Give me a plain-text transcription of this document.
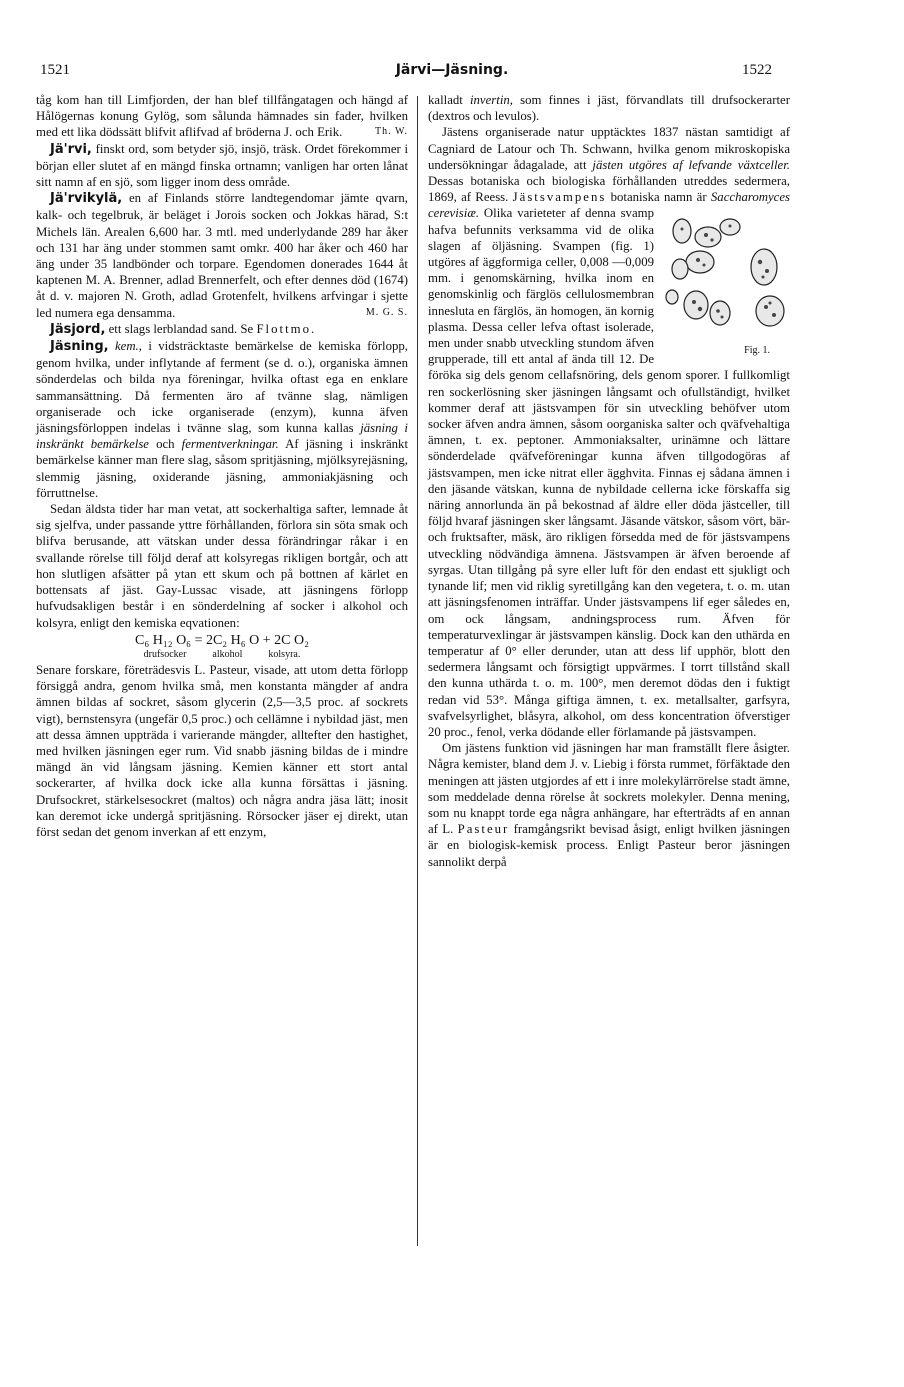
1521	Järvi—Jäsning.	1522

tåg kom han till Limfjorden, der han blef tillfångatagen och hängd af Hålögernas konung Gylög, som sålunda hämnades sin fader, hvilken med ett lika dödssätt blifvit aflifvad af bröderna J. och Erik.	Th. W.

Jä'rvi, finskt ord, som betyder sjö, insjö, träsk. Ordet förekommer i början eller slutet af en mängd finska ortnamn; vanligen har orten lånat sitt namn af en sjö, som ligger inom dess område.

Jä'rvikylä, en af Finlands större landtegendomar jämte qvarn, kalk- och tegelbruk, är beläget i Jorois socken och Jokkas härad, S:t Michels län. Arealen 6,600 har. 3 mtl. med underlydande 289 har åker och 131 har äng under stommen samt omkr. 400 har åker och 460 har äng under 35 landbönder och torpare. Egendomen donerades 1644 åt kaptenen M. A. Brenner, adlad Brennerfelt, och efter dennes död (1674) åt d. v. majoren N. Groth, adlad Grotenfelt, hvilkens arfvingar i sjette led numera ega densamma.	M. G. S.

Jäsjord, ett slags lerblandad sand. Se Flottmo.

Jäsning, kem., i vidsträcktaste bemärkelse de kemiska förlopp, genom hvilka, under inflytande af ferment (se d. o.), organiska ämnen sönderdelas och bilda nya föreningar, hvilka oftast ega en enklare sammansättning. Då fermenten äro af tvänne slag, nämligen organiserade och icke organiserade (enzym), kunna äfven jäsningsförloppen indelas i tvänne slag, som kunna kallas jäsning i inskränkt bemärkelse och fermentverkningar. Af jäsning i inskränkt bemärkelse känner man flere slag, såsom spritjäsning, mjölksyrejäsning, slemmig jäsning, oxiderande jäsning, ammoniakjäsning och förruttnelse.

Sedan äldsta tider har man vetat, att sockerhaltiga safter, lemnade åt sig sjelfva, under passande yttre förhållanden, förlora sin söta smak och blifva berusande, att vätskan under dessa förändringar råkar i en svallande rörelse till följd deraf att kolsyregas rikligen bortgår, och att hon slutligen afsätter på ytan ett skum och på bottnen af kärlet en bottensats af jäst. Gay-Lussac visade, att jäsningens förlopp hufvudsakligen består i en sönderdelning af socker i alkohol och kolsyra, enligt den kemiska eqvationen:

C₆ H₁₂ O₆ = 2C₂ H₆ O + 2C O₂

drufsocker	alkohol	kolsyra.

Senare forskare, företrädesvis L. Pasteur, visade, att utom detta förlopp försiggå andra, genom hvilka små, men konstanta mängder af andra ämnen bildas af sockret, såsom glycerin (2,5—3,5 proc. af sockrets vigt), bernstensyra (ungefär 0,5 proc.) och cellämne i nybildad jäst, men att dessa ämnen uppträda i varierande mängder, alltefter den hastighet, med hvilken jäsningen eger rum. Vid snabb jäsning bildas de i mindre mängd än vid långsam jäsning. Kemien känner ett stort antal sockerarter, af hvilka dock icke alla kunna försättas i jäsning. Drufsockret, stärkelsesockret (maltos) och några andra jäsa lätt; inosit kan deremot icke undergå spritjäsning. Rörsocker jäser ej direkt, utan först sedan det genom inverkan af ett enzym,

kalladt invertin, som finnes i jäst, förvandlats till drufsockerarter (dextros och levulos).

Jästens organiserade natur upptäcktes 1837 nästan samtidigt af Cagniard de Latour och Th. Schwann, hvilka genom mikroskopiska undersökningar ådagalade, att jästen utgöres af lefvande växtceller. Dessas botaniska och biologiska förhållanden utreddes sedermera, 1869, af Reess. Jästsvampens botaniska namn är Saccharomyces cerevisiæ.
Fig. 1.
Olika varieteter af denna svamp hafva befunnits verksamma vid de olika slagen af öljäsning. Svampen (fig. 1) utgöres af äggformiga celler, 0,008 —0,009 mm. i genomskärning, hvilka inom en genomskinlig och färglös cellulosmembran innesluta en färglös, än homogen, än kornig plasma. Dessa celler lefva oftast isolerade, men under snabb utveckling stundom äfven grupperade, till ett antal af ända till 12. De föröka sig dels genom cellafsnöring, dels genom sporer. I fullkomligt ren sockerlösning sker jäsningen långsamt och ofullständigt, hvilket kommer deraf att jästsvampen för sin utveckling behöfver utom socker äfven andra ämnen, såsom oorganiska salter och qväfvehaltiga ämnen, t. ex. peptoner. Ammoniaksalter, urinämne och lättare sönderdelade qväfveföreningar kunna äfven tillgodogöras af jästsvampen, men icke nitrat eller ägghvita. Finnas ej sådana ämnen i den jäsande vätskan, kunna de nybildade cellerna icke förskaffa sig näring annorlunda än på bekostnad af äldre eller döda jästceller, till följd hvaraf jäsningen sker långsamt. Jäsande vätskor, såsom vört, bär- och fruktsafter, mäsk, äro rikligen försedda med de för jästsvampens utveckling nödvändiga ämnena. Jästsvampen är äfven beroende af syrgas. Utan tillgång på syre eller luft för den endast ett sjukligt och tynande lif; men vid riklig syretillgång kan den vegetera, t. o. m. utan att jäsningsfenomen inträffar. Under jästsvampens lif eger således en, om ock långsam, andningsprocess rum. Äfven för temperaturvexlingar är jästsvampen känslig. Dock kan den uthärda en temperatur af 0° eller derunder, utan att dess lif upphör, blott den sedermera långsamt och försigtigt uppvärmes. I torrt tillstånd skall den kunna uthärda t. o. m. 100°, men deremot dödas den i fuktigt redan vid 53°. Många giftiga ämnen, t. ex. metallsalter, garfsyra, svafvelsyrlighet, blåsyra, alkohol, om dess koncentration öfverstiger 20 proc., fenol, verka dödande eller förlamande på jästsvampen.

Om jästens funktion vid jäsningen har man framställt flere åsigter. Några kemister, bland dem J. v. Liebig i första rummet, förfäktade den meningen att jästen utgjordes af ett i inre molekylärrörelse stadt ämne, som meddelade denna rörelse åt sockrets molekyler. Denna mening, som nu knappt torde ega några anhängare, har efterträdts af en annan af L. Pasteur framgångsrikt bevisad åsigt, enligt hvilken jäsningen är en biologisk-kemisk process. Enligt Pasteur beror jäsningen sannolikt derpå
